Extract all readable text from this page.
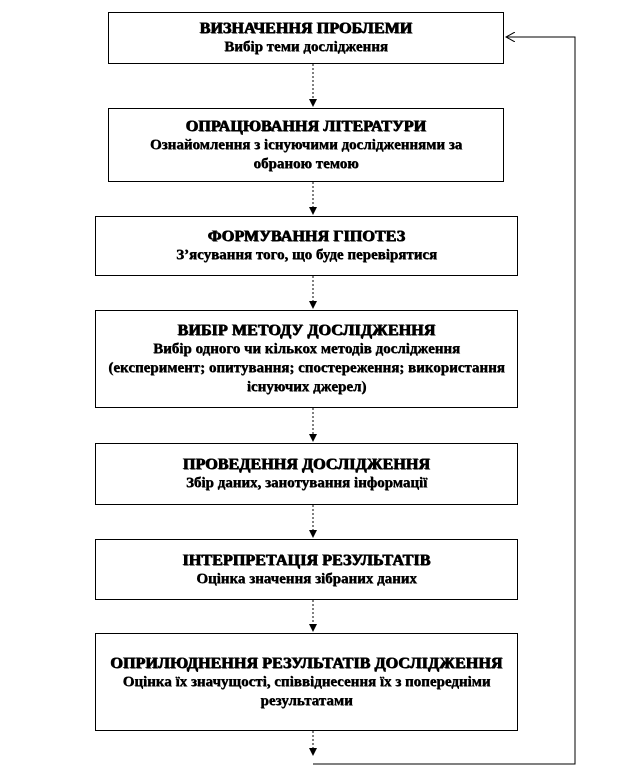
ВИЗНАЧЕННЯ ПРОБЛЕМИ
Вибір теми дослідження
ОПРАЦЮВАННЯ ЛІТЕРАТУРИ
Ознайомлення з існуючими дослідженнями за обраною темою
ФОРМУВАННЯ ГІПОТЕЗ
З’ясування того, що буде перевірятися
ВИБІР МЕТОДУ ДОСЛІДЖЕННЯ
Вибір одного чи кількох методів дослідження (експеримент; опитування; спостереження; використання існуючих джерел)
ПРОВЕДЕННЯ ДОСЛІДЖЕННЯ
Збір даних, занотування інформації
ІНТЕРПРЕТАЦІЯ РЕЗУЛЬТАТІВ
Оцінка значення зібраних даних
ОПРИЛЮДНЕННЯ РЕЗУЛЬТАТІВ ДОСЛІДЖЕННЯ
Оцінка їх значущості, співвіднесення їх з попередніми результатами
